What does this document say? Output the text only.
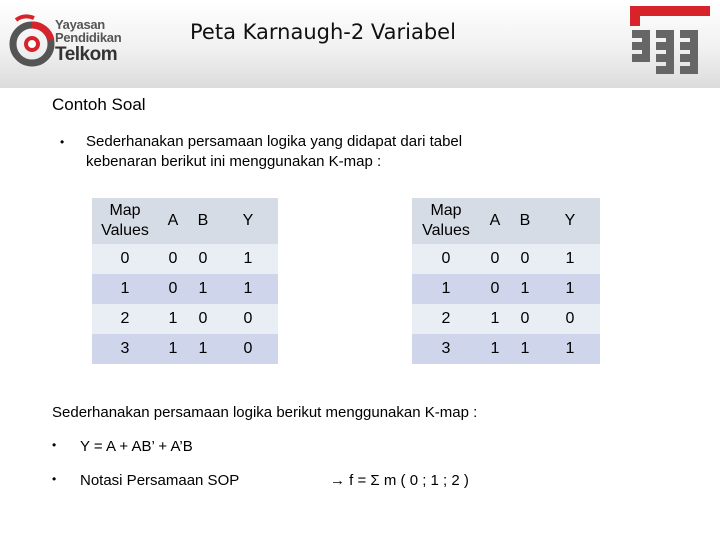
Yayasan
Pendidikan
Telkom
Peta Karnaugh-2 Variabel
Contoh Soal
• Sederhanakan persamaan logika yang didapat dari tabel
kebenaran berikut ini menggunakan K-map :
Map
Values	A	B	Y
0	0	0	1
1	0	1	1
2	1	0	0
3	1	1	0
Map
Values	A	B	Y
0	0	0	1
1	0	1	1
2	1	0	0
3	1	1	1
Sederhanakan persamaan logika berikut menggunakan K-map :
• Y = A + AB’ + A’B
• Notasi Persamaan SOP	→ f = Σ m ( 0 ; 1 ; 2 )
